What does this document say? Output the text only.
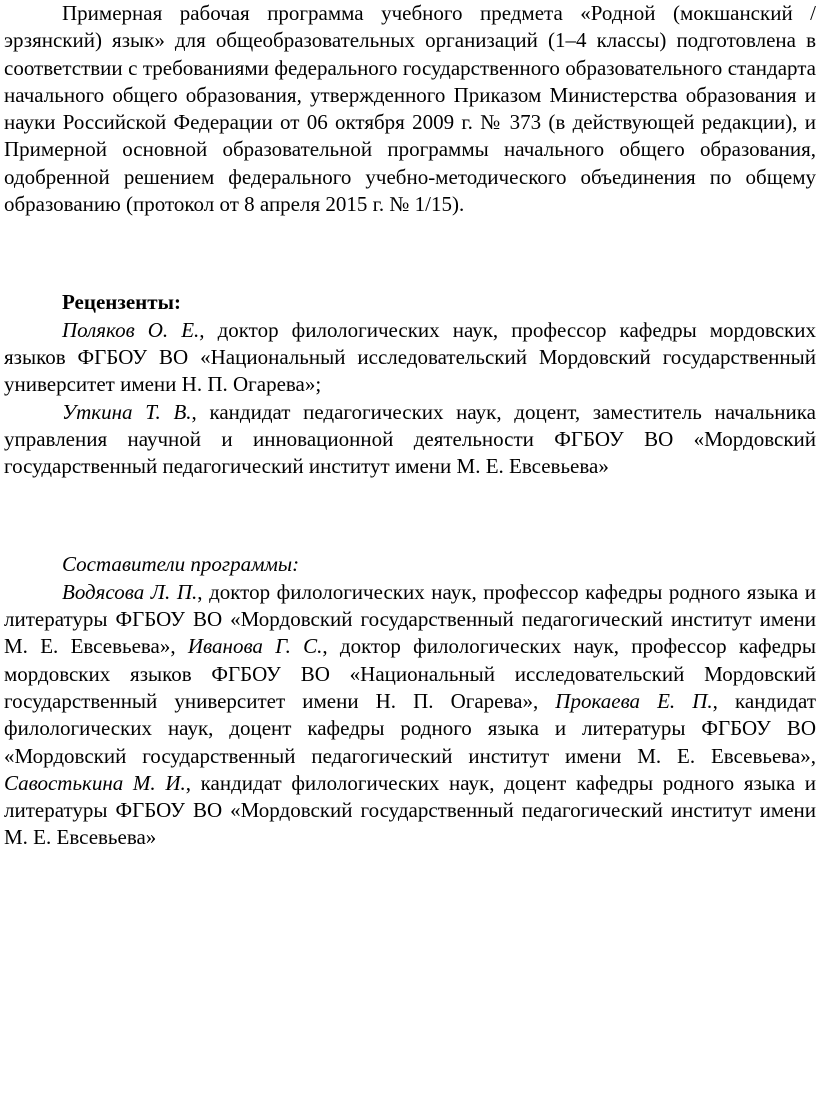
Примерная рабочая программа учебного предмета «Родной (мокшанский / эрзянский) язык» для общеобразовательных организаций (1–4 классы) подготовлена в соответствии с требованиями федерального государственного образовательного стандарта начального общего образования, утвержденного Приказом Министерства образования и науки Российской Федерации от 06 октября 2009 г. № 373 (в действующей редакции), и Примерной основной образовательной программы начального общего образования, одобренной решением федерального учебно-методического объединения по общему образованию (протокол от 8 апреля 2015 г. № 1/15).

Рецензенты:

Поляков О. Е., доктор филологических наук, профессор кафедры мордовских языков ФГБОУ ВО «Национальный исследовательский Мордовский государственный университет имени Н. П. Огарева»;

Уткина Т. В., кандидат педагогических наук, доцент, заместитель начальника управления научной и инновационной деятельности ФГБОУ ВО «Мордовский государственный педагогический институт имени М. Е. Евсевьева»

Составители программы:

Водясова Л. П., доктор филологических наук, профессор кафедры родного языка и литературы ФГБОУ ВО «Мордовский государственный педагогический институт имени М. Е. Евсевьева», Иванова Г. С., доктор филологических наук, профессор кафедры мордовских языков ФГБОУ ВО «Национальный исследовательский Мордовский государственный университет имени Н. П. Огарева», Прокаева Е. П., кандидат филологических наук, доцент кафедры родного языка и литературы ФГБОУ ВО «Мордовский государственный педагогический институт имени М. Е. Евсевьева», Савостькина М. И., кандидат филологических наук, доцент кафедры родного языка и литературы ФГБОУ ВО «Мордовский государственный педагогический институт имени М. Е. Евсевьева»
